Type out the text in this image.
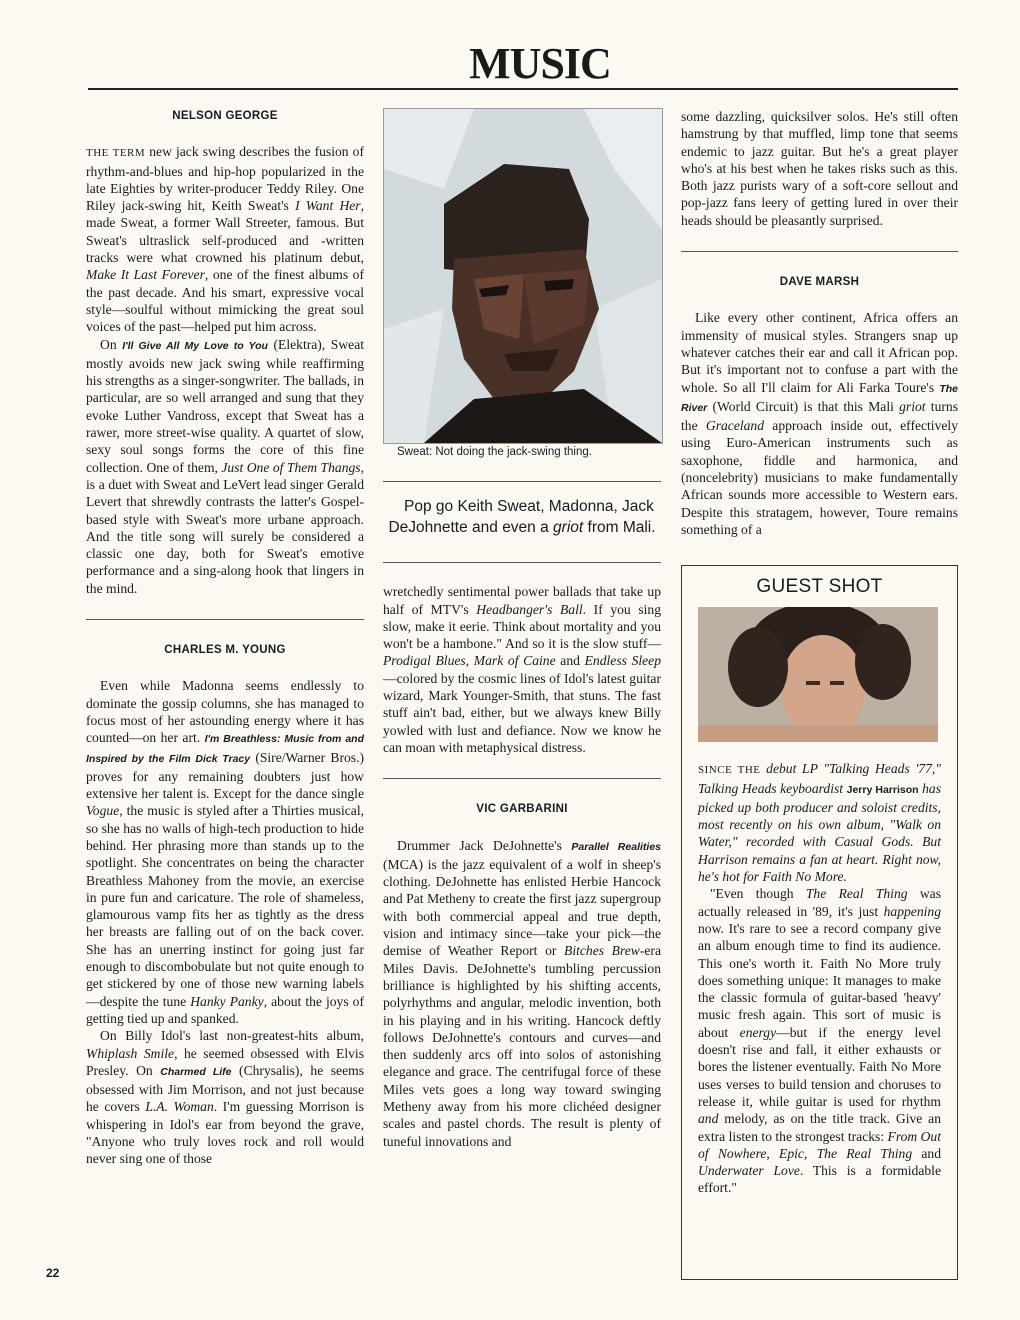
MUSIC
NELSON GEORGE

THE TERM new jack swing describes the fusion of rhythm-and-blues and hip-hop popularized in the late Eighties by writer-producer Teddy Riley. One Riley jack-swing hit, Keith Sweat's I Want Her, made Sweat, a former Wall Streeter, famous. But Sweat's ultraslick self-produced and -written tracks were what crowned his platinum debut, Make It Last Forever, one of the finest albums of the past decade. And his smart, expressive vocal style—soulful without mimicking the great soul voices of the past—helped put him across.

On I'll Give All My Love to You (Elektra), Sweat mostly avoids new jack swing while reaffirming his strengths as a singer-songwriter. The ballads, in particular, are so well arranged and sung that they evoke Luther Vandross, except that Sweat has a rawer, more street-wise quality. A quartet of slow, sexy soul songs forms the core of this fine collection. One of them, Just One of Them Thangs, is a duet with Sweat and LeVert lead singer Gerald Levert that shrewdly contrasts the latter's Gospel-based style with Sweat's more urbane approach. And the title song will surely be considered a classic one day, both for Sweat's emotive performance and a sing-along hook that lingers in the mind.

CHARLES M. YOUNG

Even while Madonna seems endlessly to dominate the gossip columns, she has managed to focus most of her astounding energy where it has counted—on her art. I'm Breathless: Music from and Inspired by the Film Dick Tracy (Sire/Warner Bros.) proves for any remaining doubters just how extensive her talent is. Except for the dance single Vogue, the music is styled after a Thirties musical, so she has no walls of high-tech production to hide behind. Her phrasing more than stands up to the spotlight. She concentrates on being the character Breathless Mahoney from the movie, an exercise in pure fun and caricature. The role of shameless, glamourous vamp fits her as tightly as the dress her breasts are falling out of on the back cover. She has an unerring instinct for going just far enough to discombobulate but not quite enough to get stickered by one of those new warning labels—despite the tune Hanky Panky, about the joys of getting tied up and spanked.

On Billy Idol's last non-greatest-hits album, Whiplash Smile, he seemed obsessed with Elvis Presley. On Charmed Life (Chrysalis), he seems obsessed with Jim Morrison, and not just because he covers L.A. Woman. I'm guessing Morrison is whispering in Idol's ear from beyond the grave, "Anyone who truly loves rock and roll would never sing one of those

Sweat: Not doing the jack-swing thing.

Pop go Keith Sweat, Madonna, Jack DeJohnette and even a griot from Mali.

wretchedly sentimental power ballads that take up half of MTV's Headbanger's Ball. If you sing slow, make it eerie. Think about mortality and you won't be a hambone." And so it is the slow stuff—Prodigal Blues, Mark of Caine and Endless Sleep—colored by the cosmic lines of Idol's latest guitar wizard, Mark Younger-Smith, that stuns. The fast stuff ain't bad, either, but we always knew Billy yowled with lust and defiance. Now we know he can moan with metaphysical distress.

VIC GARBARINI

Drummer Jack DeJohnette's Parallel Realities (MCA) is the jazz equivalent of a wolf in sheep's clothing. DeJohnette has enlisted Herbie Hancock and Pat Metheny to create the first jazz supergroup with both commercial appeal and true depth, vision and intimacy since—take your pick—the demise of Weather Report or Bitches Brew-era Miles Davis. DeJohnette's tumbling percussion brilliance is highlighted by his shifting accents, polyrhythms and angular, melodic invention, both in his playing and in his writing. Hancock deftly follows DeJohnette's contours and curves—and then suddenly arcs off into solos of astonishing elegance and grace. The centrifugal force of these Miles vets goes a long way toward swinging Metheny away from his more clichéed designer scales and pastel chords. The result is plenty of tuneful innovations and

some dazzling, quicksilver solos. He's still often hamstrung by that muffled, limp tone that seems endemic to jazz guitar. But he's a great player who's at his best when he takes risks such as this. Both jazz purists wary of a soft-core sellout and pop-jazz fans leery of getting lured in over their heads should be pleasantly surprised.

DAVE MARSH

Like every other continent, Africa offers an immensity of musical styles. Strangers snap up whatever catches their ear and call it African pop. But it's important not to confuse a part with the whole. So all I'll claim for Ali Farka Toure's The River (World Circuit) is that this Mali griot turns the Graceland approach inside out, effectively using Euro-American instruments such as saxophone, fiddle and harmonica, and (noncelebrity) musicians to make fundamentally African sounds more accessible to Western ears. Despite this stratagem, however, Toure remains something of a

GUEST SHOT

SINCE THE debut LP "Talking Heads '77," Talking Heads keyboardist Jerry Harrison has picked up both producer and soloist credits, most recently on his own album, "Walk on Water," recorded with Casual Gods. But Harrison remains a fan at heart. Right now, he's hot for Faith No More.

"Even though The Real Thing was actually released in '89, it's just happening now. It's rare to see a record company give an album enough time to find its audience. This one's worth it. Faith No More truly does something unique: It manages to make the classic formula of guitar-based 'heavy' music fresh again. This sort of music is about energy—but if the energy level doesn't rise and fall, it either exhausts or bores the listener eventually. Faith No More uses verses to build tension and choruses to release it, while guitar is used for rhythm and melody, as on the title track. Give an extra listen to the strongest tracks: From Out of Nowhere, Epic, The Real Thing and Underwater Love. This is a formidable effort."

22
